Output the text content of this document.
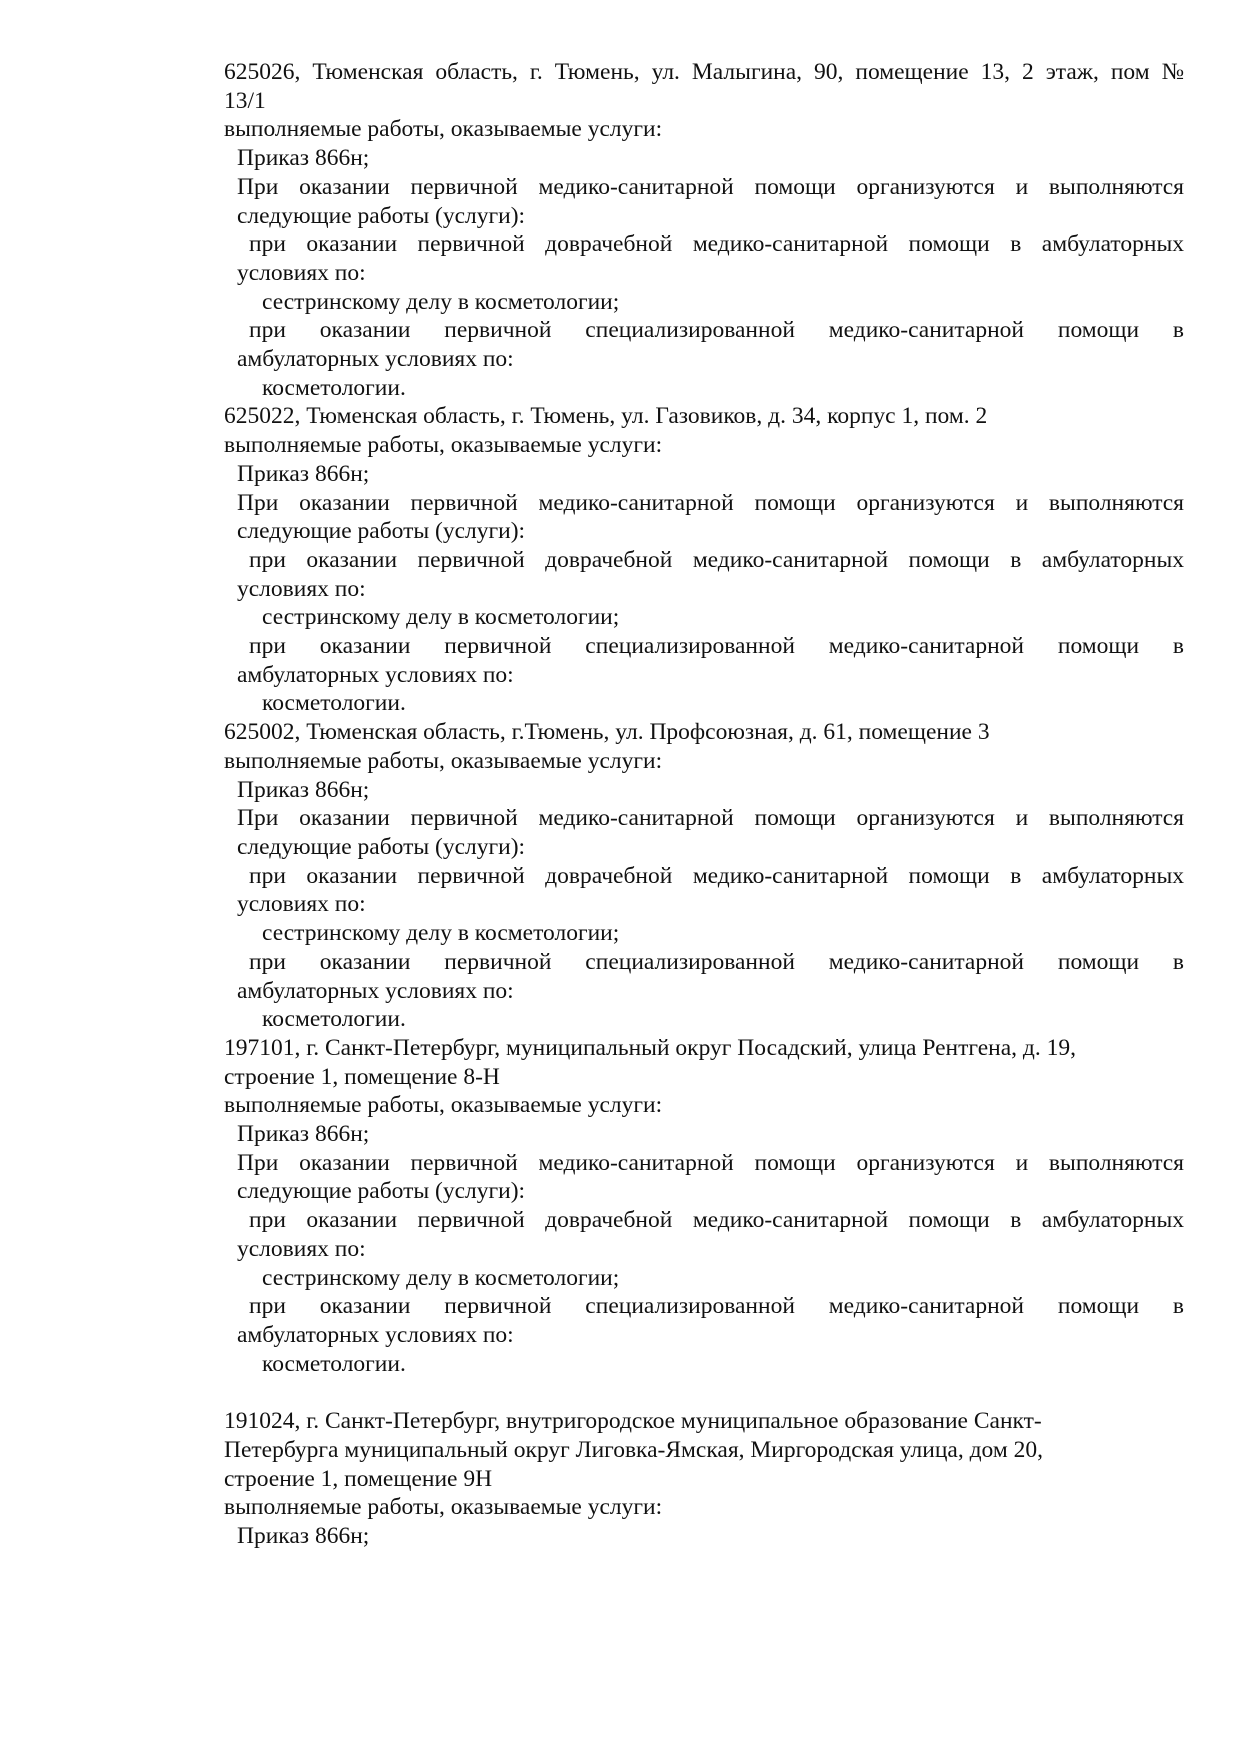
625026, Тюменская область, г. Тюмень, ул. Малыгина, 90, помещение 13, 2 этаж, пом №
13/1
выполняемые работы, оказываемые услуги:
Приказ 866н;
При оказании первичной медико-санитарной помощи организуются и выполняются
следующие работы (услуги):
при оказании первичной доврачебной медико-санитарной помощи в амбулаторных
условиях по:
сестринскому делу в косметологии;
при оказании первичной специализированной медико-санитарной помощи в
амбулаторных условиях по:
косметологии.
625022, Тюменская область, г. Тюмень, ул. Газовиков, д. 34, корпус 1, пом. 2
выполняемые работы, оказываемые услуги:
Приказ 866н;
При оказании первичной медико-санитарной помощи организуются и выполняются
следующие работы (услуги):
при оказании первичной доврачебной медико-санитарной помощи в амбулаторных
условиях по:
сестринскому делу в косметологии;
при оказании первичной специализированной медико-санитарной помощи в
амбулаторных условиях по:
косметологии.
625002, Тюменская область, г.Тюмень, ул. Профсоюзная, д. 61, помещение 3
выполняемые работы, оказываемые услуги:
Приказ 866н;
При оказании первичной медико-санитарной помощи организуются и выполняются
следующие работы (услуги):
при оказании первичной доврачебной медико-санитарной помощи в амбулаторных
условиях по:
сестринскому делу в косметологии;
при оказании первичной специализированной медико-санитарной помощи в
амбулаторных условиях по:
косметологии.
197101, г. Санкт-Петербург, муниципальный округ Посадский, улица Рентгена, д. 19,
строение 1, помещение 8-Н
выполняемые работы, оказываемые услуги:
Приказ 866н;
При оказании первичной медико-санитарной помощи организуются и выполняются
следующие работы (услуги):
при оказании первичной доврачебной медико-санитарной помощи в амбулаторных
условиях по:
сестринскому делу в косметологии;
при оказании первичной специализированной медико-санитарной помощи в
амбулаторных условиях по:
косметологии.
191024, г. Санкт-Петербург, внутригородское муниципальное образование Санкт-
Петербурга муниципальный округ Лиговка-Ямская, Миргородская улица, дом 20,
строение 1, помещение 9Н
выполняемые работы, оказываемые услуги:
Приказ 866н;
